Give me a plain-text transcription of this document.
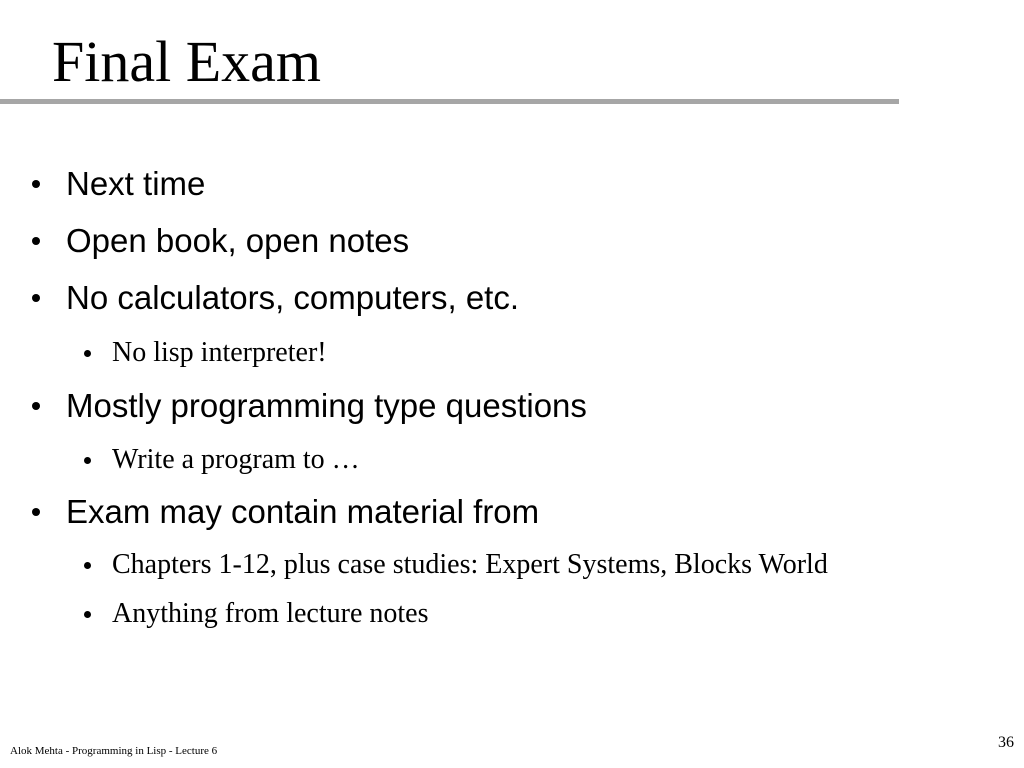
Final Exam
Next time
Open book, open notes
No calculators, computers, etc.
No lisp interpreter!
Mostly programming type questions
Write a program to …
Exam may contain material from
Chapters 1-12, plus case studies: Expert Systems, Blocks World
Anything from lecture notes
Alok Mehta - Programming in Lisp - Lecture 6	36
